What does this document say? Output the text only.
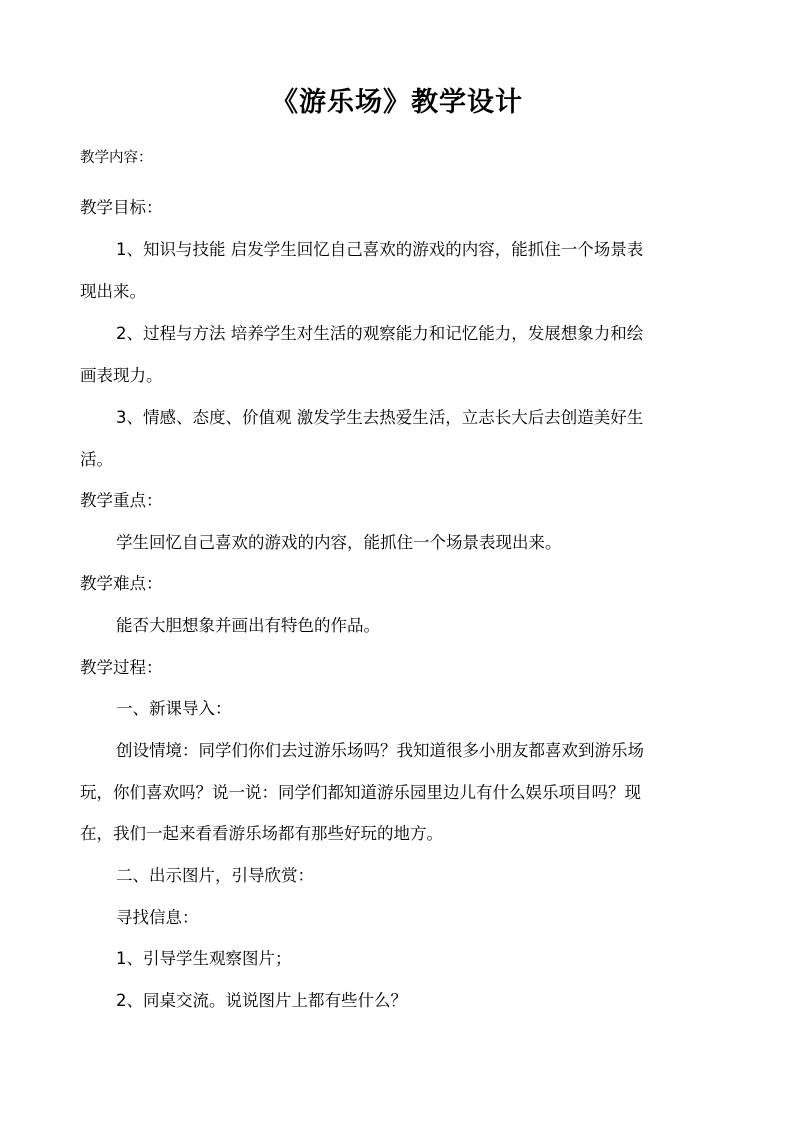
《游乐场》教学设计
教学内容：
教学目标：
1、知识与技能 启发学生回忆自己喜欢的游戏的内容，能抓住一个场景表
现出来。
2、过程与方法 培养学生对生活的观察能力和记忆能力，发展想象力和绘
画表现力。
3、情感、态度、价值观 激发学生去热爱生活，立志长大后去创造美好生
活。
教学重点：
学生回忆自己喜欢的游戏的内容，能抓住一个场景表现出来。
教学难点：
能否大胆想象并画出有特色的作品。
教学过程：
一、新课导入：
创设情境：同学们你们去过游乐场吗？我知道很多小朋友都喜欢到游乐场
玩，你们喜欢吗？说一说：同学们都知道游乐园里边儿有什么娱乐项目吗？现
在，我们一起来看看游乐场都有那些好玩的地方。
二、出示图片，引导欣赏：
寻找信息：
1、引导学生观察图片；
2、同桌交流。说说图片上都有些什么？
